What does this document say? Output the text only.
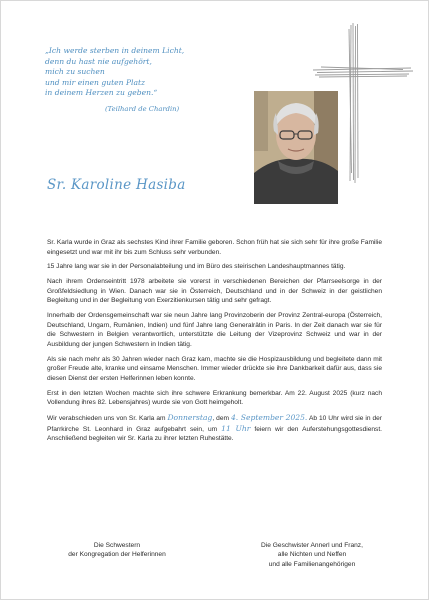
„Ich werde sterben in deinem Licht,
denn du hast nie aufgehört,
mich zu suchen
und mir einen guten Platz
in deinem Herzen zu geben.“
(Teilhard de Chardin)
Sr. Karoline Hasiba

Sr. Karla wurde in Graz als sechstes Kind ihrer Familie geboren. Schon früh hat sie sich sehr für ihre große Familie eingesetzt und war mit ihr bis zum Schluss sehr verbunden.

15 Jahre lang war sie in der Personalabteilung und im Büro des steirischen Landeshauptmannes tätig.

Nach ihrem Ordenseintritt 1978 arbeitete sie vorerst in verschiedenen Bereichen der Pfarrseelsorge in der Großfeldsiedlung in Wien. Danach war sie in Österreich, Deutschland und in der Schweiz in der geistlichen Begleitung und in der Begleitung von Exerzitienkursen tätig und sehr gefragt.

Innerhalb der Ordensgemeinschaft war sie neun Jahre lang Provinzoberin der Provinz Zentral-europa (Österreich, Deutschland, Ungarn, Rumänien, Indien) und fünf Jahre lang Generalrätin in Paris. In der Zeit danach war sie für die Schwestern in Belgien verantwortlich, unterstützte die Leitung der Vizeprovinz Schweiz und war in der Ausbildung der jungen Schwestern in Indien tätig.

Als sie nach mehr als 30 Jahren wieder nach Graz kam, machte sie die Hospizausbildung und begleitete dann mit großer Freude alte, kranke und einsame Menschen. Immer wieder drückte sie ihre Dankbarkeit dafür aus, dass sie diesen Dienst der ersten Helferinnen leben konnte.

Erst in den letzten Wochen machte sich ihre schwere Erkrankung bemerkbar. Am 22. August 2025 (kurz nach Vollendung ihres 82. Lebensjahres) wurde sie von Gott heimgeholt.

Wir verabschieden uns von Sr. Karla am Donnerstag, dem 4. September 2025. Ab 10 Uhr wird sie in der Pfarrkirche St. Leonhard in Graz aufgebahrt sein, um 11 Uhr feiern wir den Auferstehungsgottesdienst. Anschließend begleiten wir Sr. Karla zu ihrer letzten Ruhestätte.

Die Schwestern
der Kongregation der Helferinnen
Die Geschwister Annerl und Franz,
alle Nichten und Neffen
und alle Familienangehörigen
